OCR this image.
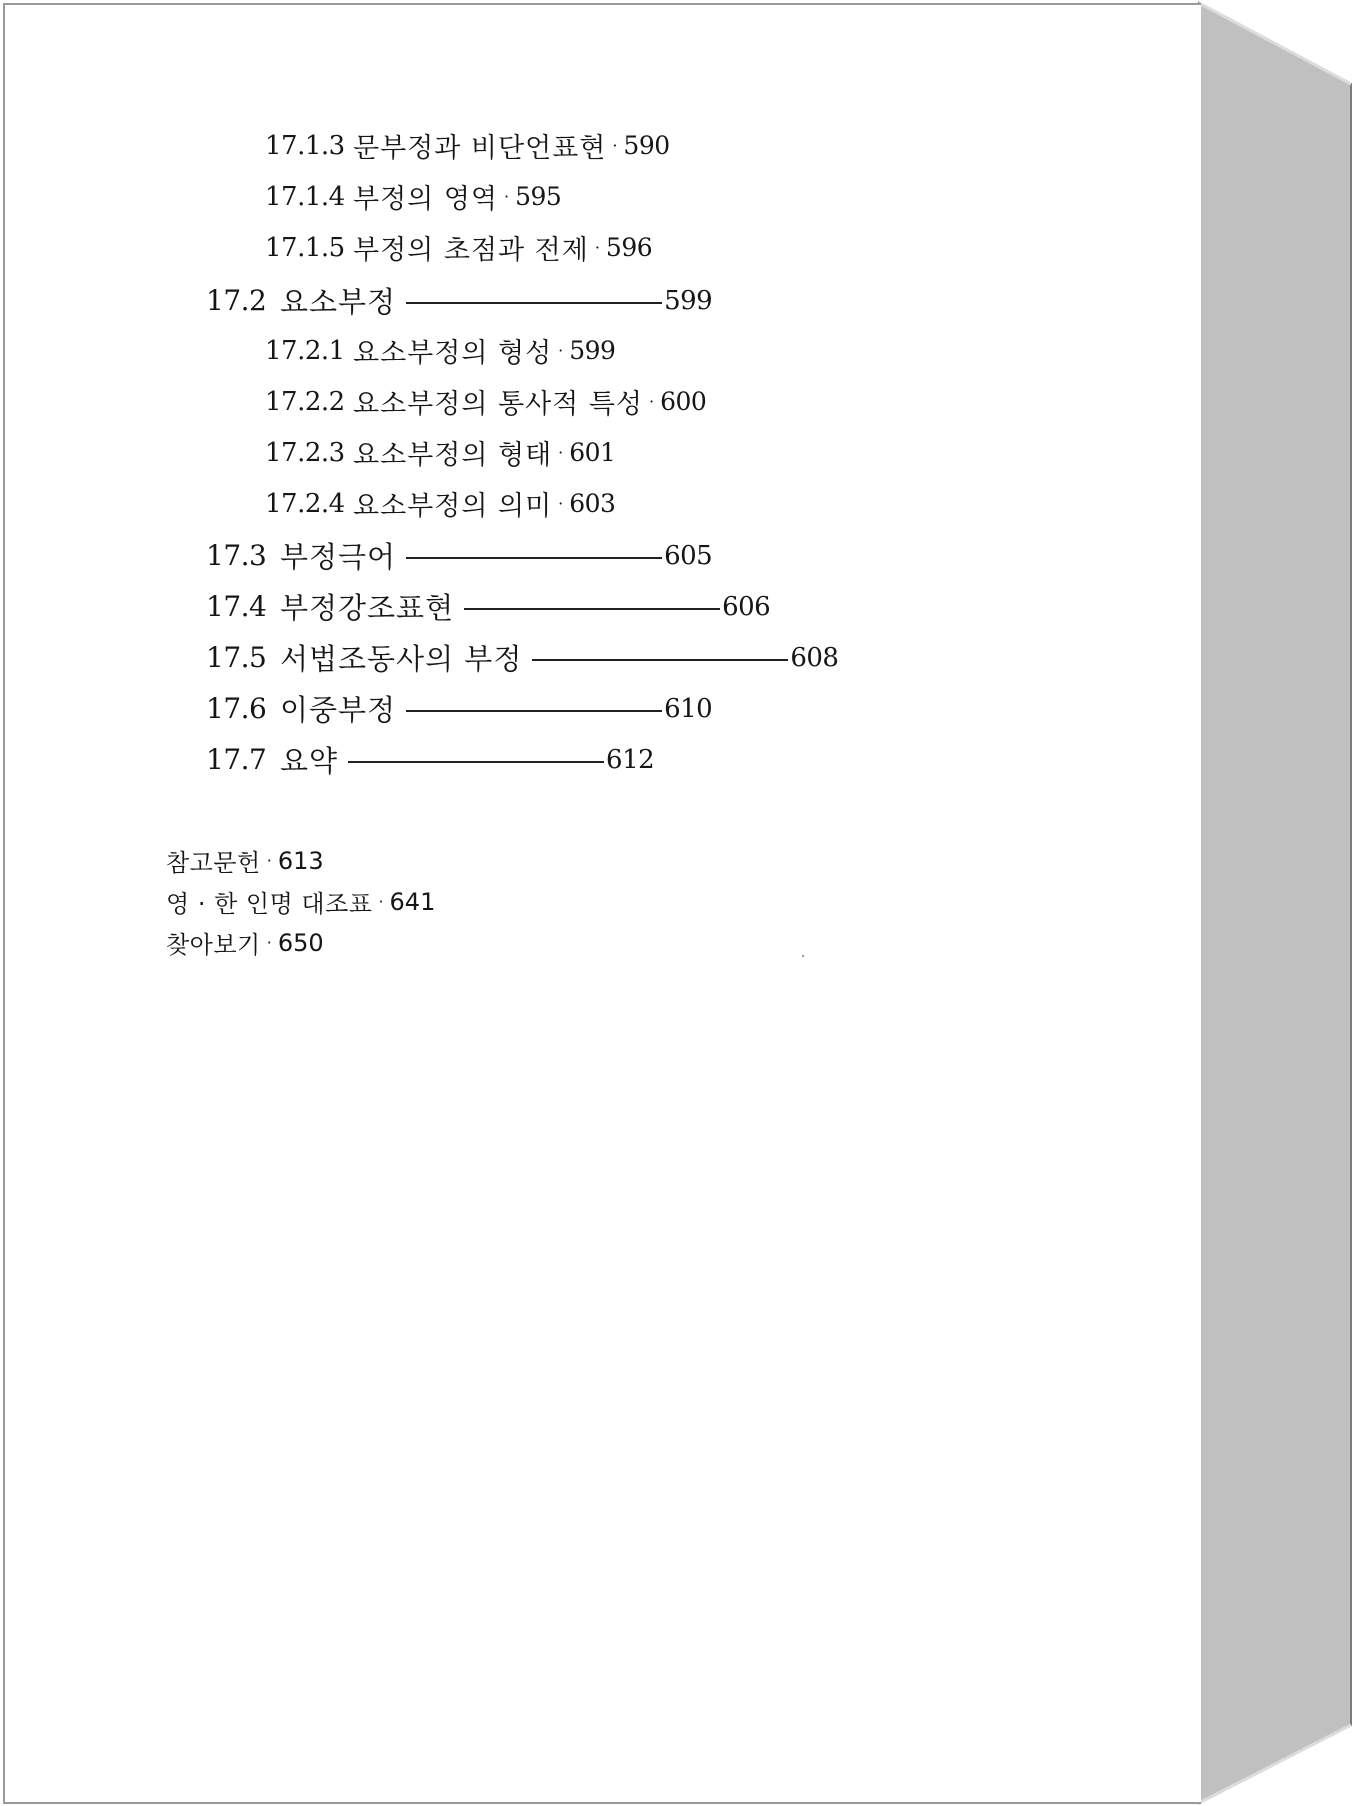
17.1.3 문부정과 비단언표현 · 590
17.1.4 부정의 영역 · 595
17.1.5 부정의 초점과 전제 · 596
17.2 요소부정	599
17.2.1 요소부정의 형성 · 599
17.2.2 요소부정의 통사적 특성 · 600
17.2.3 요소부정의 형태 · 601
17.2.4 요소부정의 의미 · 603
17.3 부정극어	605
17.4 부정강조표현	606
17.5 서법조동사의 부정	608
17.6 이중부정	610
17.7 요약	612
참고문헌 · 613
영 · 한 인명 대조표 · 641
찾아보기 · 650
